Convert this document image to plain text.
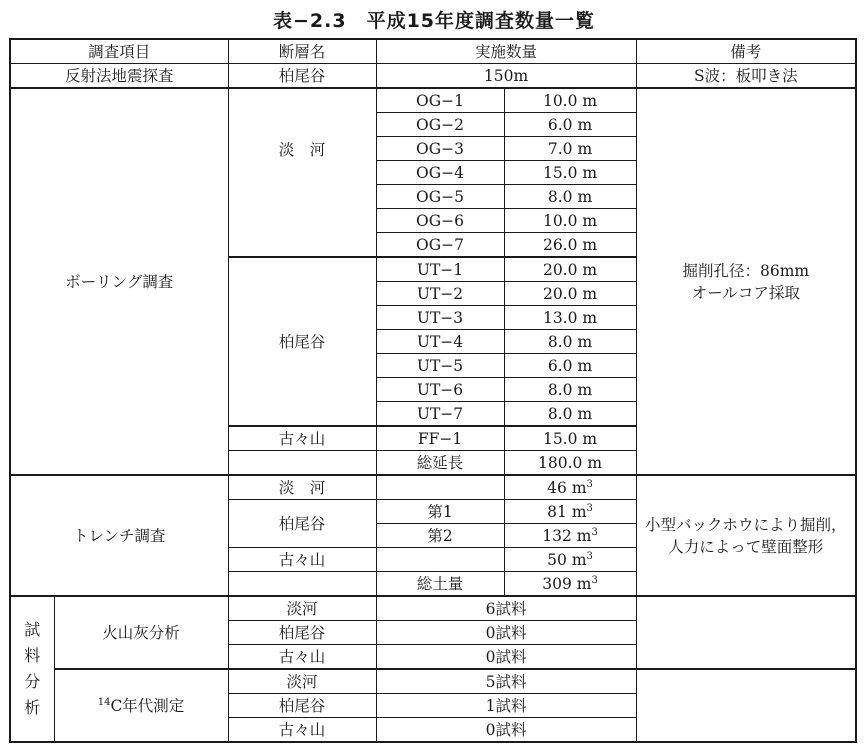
表−2.3　平成15年度調査数量一覧
調査項目		断層名	実施数量		備考
反射法地震探査		柏尾谷	150m		S波：板叩き法
ボーリング調査		淡　河	OG−1	10.0 m	掘削孔径：86mm
オールコア採取

			OG−2	6.0 m	
			OG−3	7.0 m	
			OG−4	15.0 m	
			OG−5	8.0 m	
			OG−6	10.0 m	
			OG−7	26.0 m	
		柏尾谷	UT−1	20.0 m	
			UT−2	20.0 m	
			UT−3	13.0 m	
			UT−4	8.0 m	
			UT−5	6.0 m	
			UT−6	8.0 m	
			UT−7	8.0 m	
		古々山	FF−1	15.0 m	
			総延長	180.0 m	
トレンチ調査		淡　河		46 $m^3$	小型バックホウにより掘削，
人力によって壁面整形

		柏尾谷	第1	81 $m^3$
			第2	132 $m^3$
		古々山		50 $m^3$
			総土量	309 $m^3$

試
料
分
析	火山灰分析	淡河	6試料		
		柏尾谷	0試料		
		古々山	0試料		
	$^{14}$C年代測定	淡河	5試料		
		柏尾谷	1試料		
		古々山	0試料		
